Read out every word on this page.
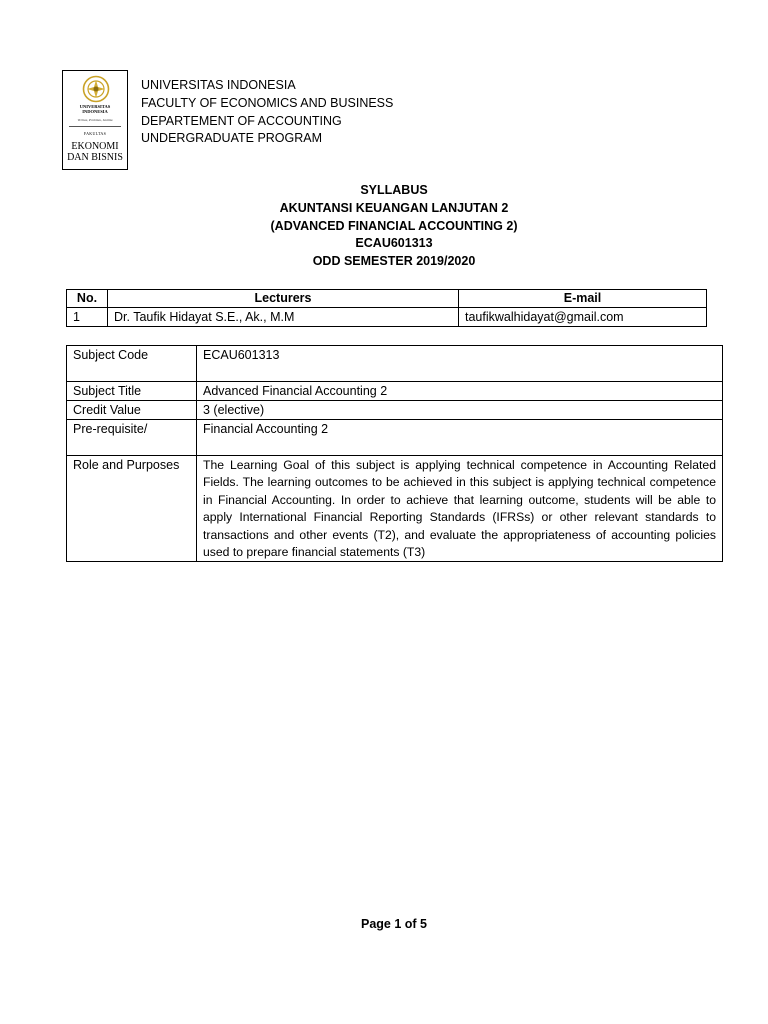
UNIVERSITAS
INDONESIA
Veritas, Probitas, Iustitia
FAKULTAS
EKONOMI
DAN BISNIS
UNIVERSITAS INDONESIA
FACULTY OF ECONOMICS AND BUSINESS
DEPARTEMENT OF ACCOUNTING
UNDERGRADUATE PROGRAM
SYLLABUS
AKUNTANSI KEUANGAN LANJUTAN 2
(ADVANCED FINANCIAL ACCOUNTING 2)
ECAU601313
ODD SEMESTER 2019/2020
No.	Lecturers	E-mail
1	Dr. Taufik Hidayat S.E., Ak., M.M	taufikwalhidayat@gmail.com
Subject Code	ECAU601313
Subject Title	Advanced Financial Accounting 2
Credit Value	3 (elective)
Pre-requisite/	Financial Accounting 2
Role and Purposes	The Learning Goal of this subject is applying technical competence in Accounting Related Fields. The learning outcomes to be achieved in this subject is applying technical competence in Financial Accounting. In order to achieve that learning outcome, students will be able to apply International Financial Reporting Standards (IFRSs) or other relevant standards to transactions and other events (T2), and evaluate the appropriateness of accounting policies used to prepare financial statements (T3)
Page 1 of 5
